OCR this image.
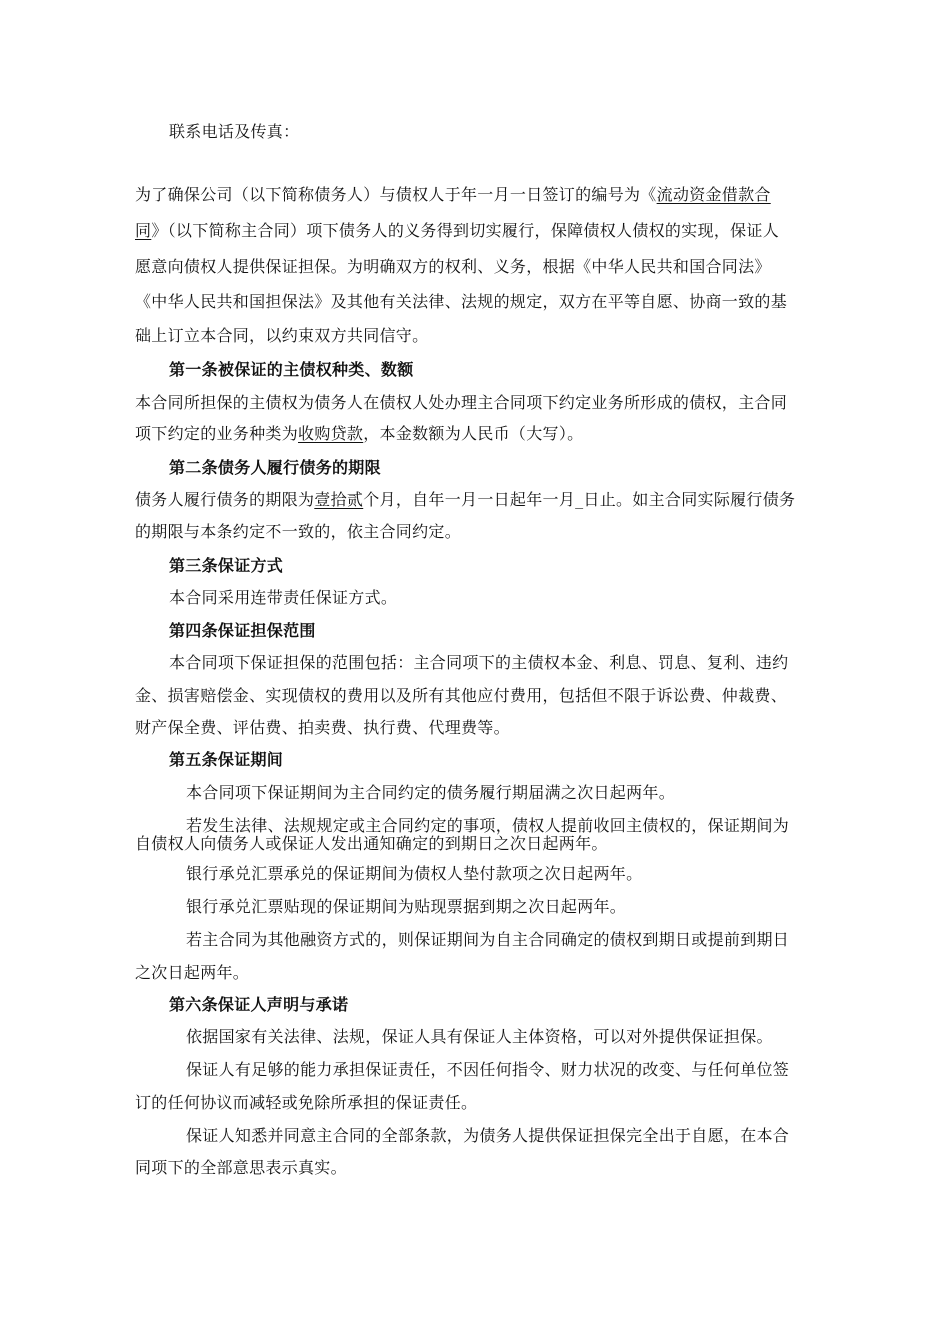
联系电话及传真：
为了确保公司（以下简称债务人）与债权人于年一月一日签订的编号为《流动资金借款合
同》（以下简称主合同）项下债务人的义务得到切实履行，保障债权人债权的实现，保证人
愿意向债权人提供保证担保。为明确双方的权利、义务，根据《中华人民共和国合同法》
《中华人民共和国担保法》及其他有关法律、法规的规定，双方在平等自愿、协商一致的基
础上订立本合同，以约束双方共同信守。
第一条被保证的主债权种类、数额
本合同所担保的主债权为债务人在债权人处办理主合同项下约定业务所形成的债权，主合同
项下约定的业务种类为收购贷款，本金数额为人民币（大写）。
第二条债务人履行债务的期限
债务人履行债务的期限为壹拾贰个月，自年一月一日起年一月_日止。如主合同实际履行债务
的期限与本条约定不一致的，依主合同约定。
第三条保证方式
本合同采用连带责任保证方式。
第四条保证担保范围
本合同项下保证担保的范围包括：主合同项下的主债权本金、利息、罚息、复利、违约
金、损害赔偿金、实现债权的费用以及所有其他应付费用，包括但不限于诉讼费、仲裁费、
财产保全费、评估费、拍卖费、执行费、代理费等。
第五条保证期间
本合同项下保证期间为主合同约定的债务履行期届满之次日起两年。
若发生法律、法规规定或主合同约定的事项，债权人提前收回主债权的，保证期间为
自债权人向债务人或保证人发出通知确定的到期日之次日起两年。
银行承兑汇票承兑的保证期间为债权人垫付款项之次日起两年。
银行承兑汇票贴现的保证期间为贴现票据到期之次日起两年。
若主合同为其他融资方式的，则保证期间为自主合同确定的债权到期日或提前到期日
之次日起两年。
第六条保证人声明与承诺
依据国家有关法律、法规，保证人具有保证人主体资格，可以对外提供保证担保。
保证人有足够的能力承担保证责任，不因任何指令、财力状况的改变、与任何单位签
订的任何协议而减轻或免除所承担的保证责任。
保证人知悉并同意主合同的全部条款，为债务人提供保证担保完全出于自愿，在本合
同项下的全部意思表示真实。
